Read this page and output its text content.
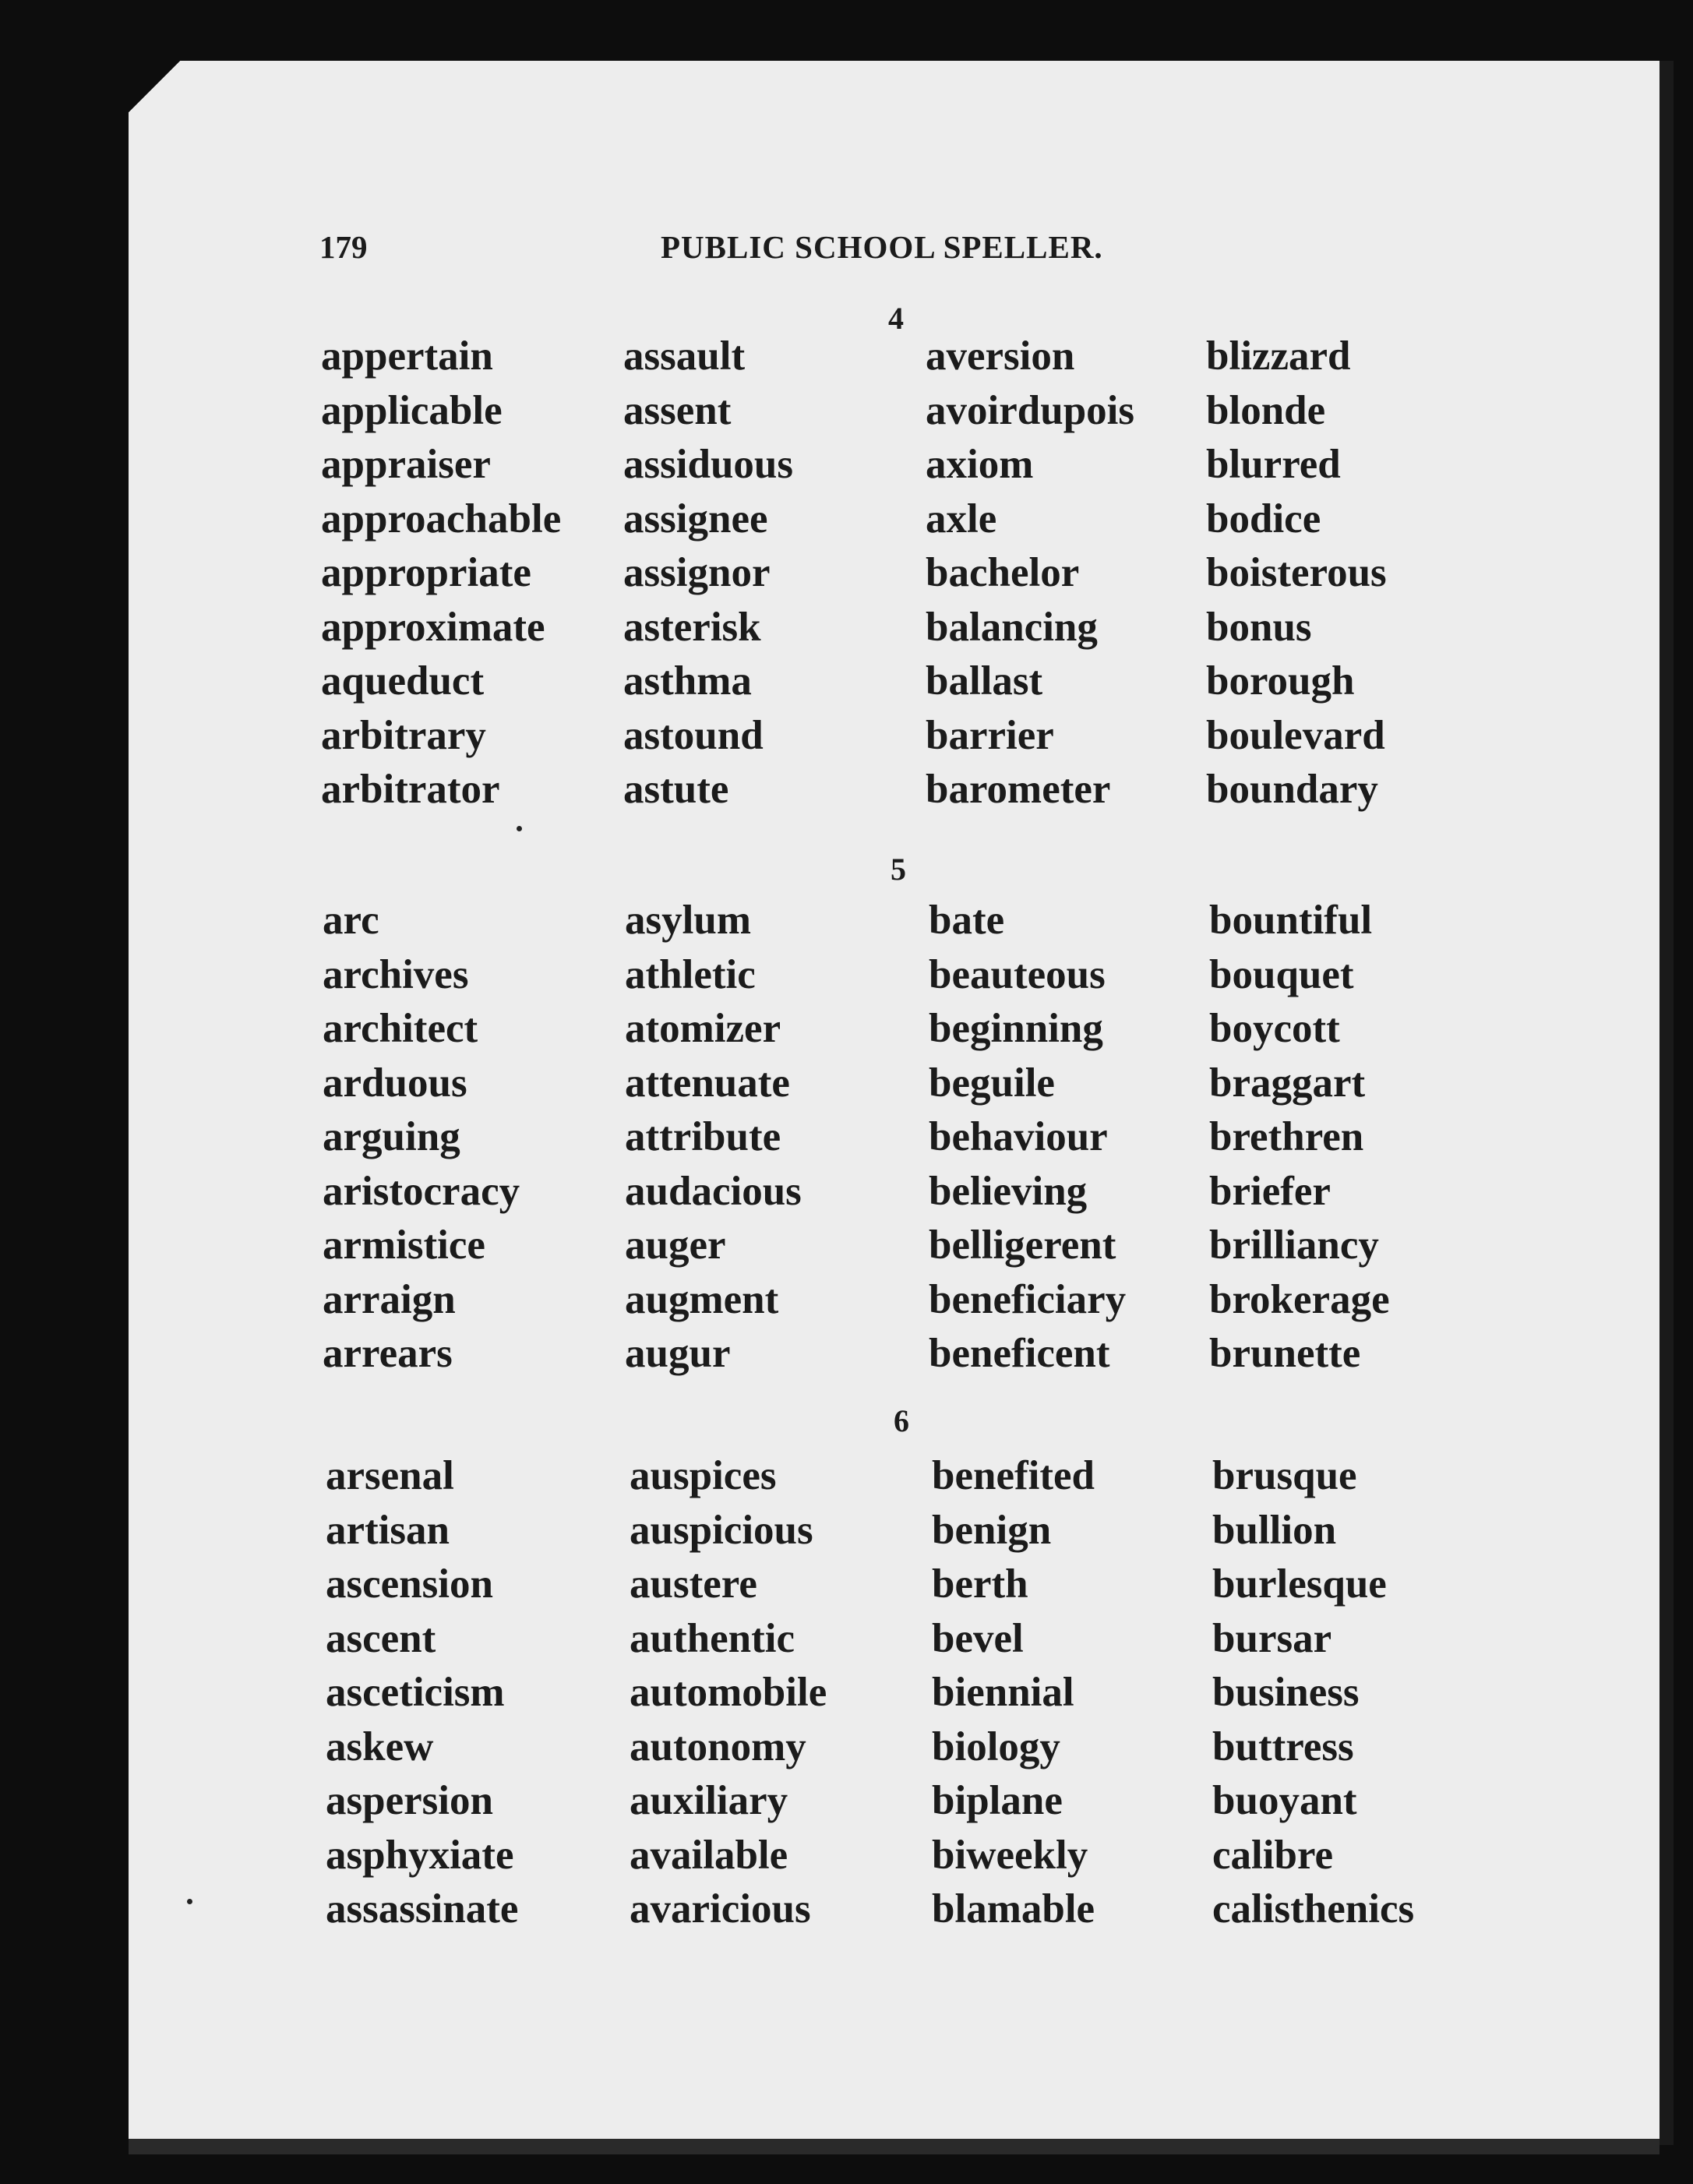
179	PUBLIC SCHOOL SPELLER.
4
appertain
applicable
appraiser
approachable
appropriate
approximate
aqueduct
arbitrary
arbitrator
assault
assent
assiduous
assignee
assignor
asterisk
asthma
astound
astute
aversion
avoirdupois
axiom
axle
bachelor
balancing
ballast
barrier
barometer
blizzard
blonde
blurred
bodice
boisterous
bonus
borough
boulevard
boundary
5
arc
archives
architect
arduous
arguing
aristocracy
armistice
arraign
arrears
asylum
athletic
atomizer
attenuate
attribute
audacious
auger
augment
augur
bate
beauteous
beginning
beguile
behaviour
believing
belligerent
beneficiary
beneficent
bountiful
bouquet
boycott
braggart
brethren
briefer
brilliancy
brokerage
brunette
6
arsenal
artisan
ascension
ascent
asceticism
askew
aspersion
asphyxiate
assassinate
auspices
auspicious
austere
authentic
automobile
autonomy
auxiliary
available
avaricious
benefited
benign
berth
bevel
biennial
biology
biplane
biweekly
blamable
brusque
bullion
burlesque
bursar
business
buttress
buoyant
calibre
calisthenics
